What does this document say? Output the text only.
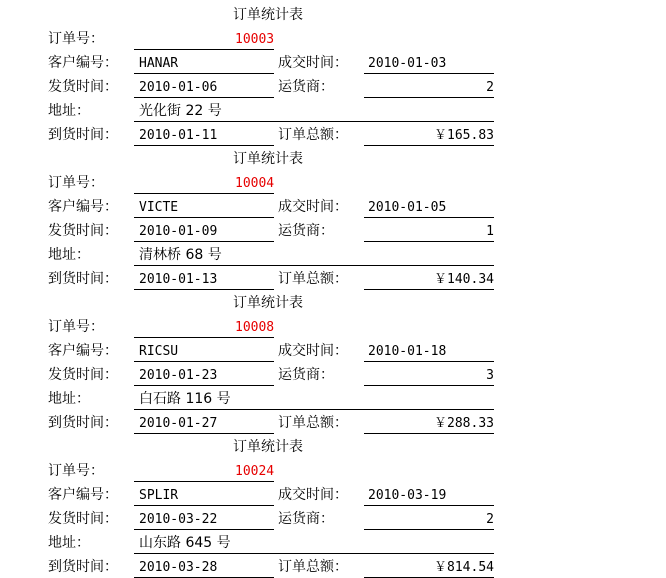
订单统计表
订单号：	10003
客户编号： HANAR	成交时间： 2010-01-03
发货时间： 2010-01-06	运货商：	2
地址：	光化街 22 号
到货时间： 2010-01-11	订单总额：	￥165.83
订单统计表
订单号：	10004
客户编号： VICTE	成交时间： 2010-01-05
发货时间： 2010-01-09	运货商：	1
地址：	清林桥 68 号
到货时间： 2010-01-13	订单总额：	￥140.34
订单统计表
订单号：	10008
客户编号： RICSU	成交时间： 2010-01-18
发货时间： 2010-01-23	运货商：	3
地址：	白石路 116 号
到货时间： 2010-01-27	订单总额：	￥288.33
订单统计表
订单号：	10024
客户编号： SPLIR	成交时间： 2010-03-19
发货时间： 2010-03-22	运货商：	2
地址：	山东路 645 号
到货时间： 2010-03-28	订单总额：	￥814.54
